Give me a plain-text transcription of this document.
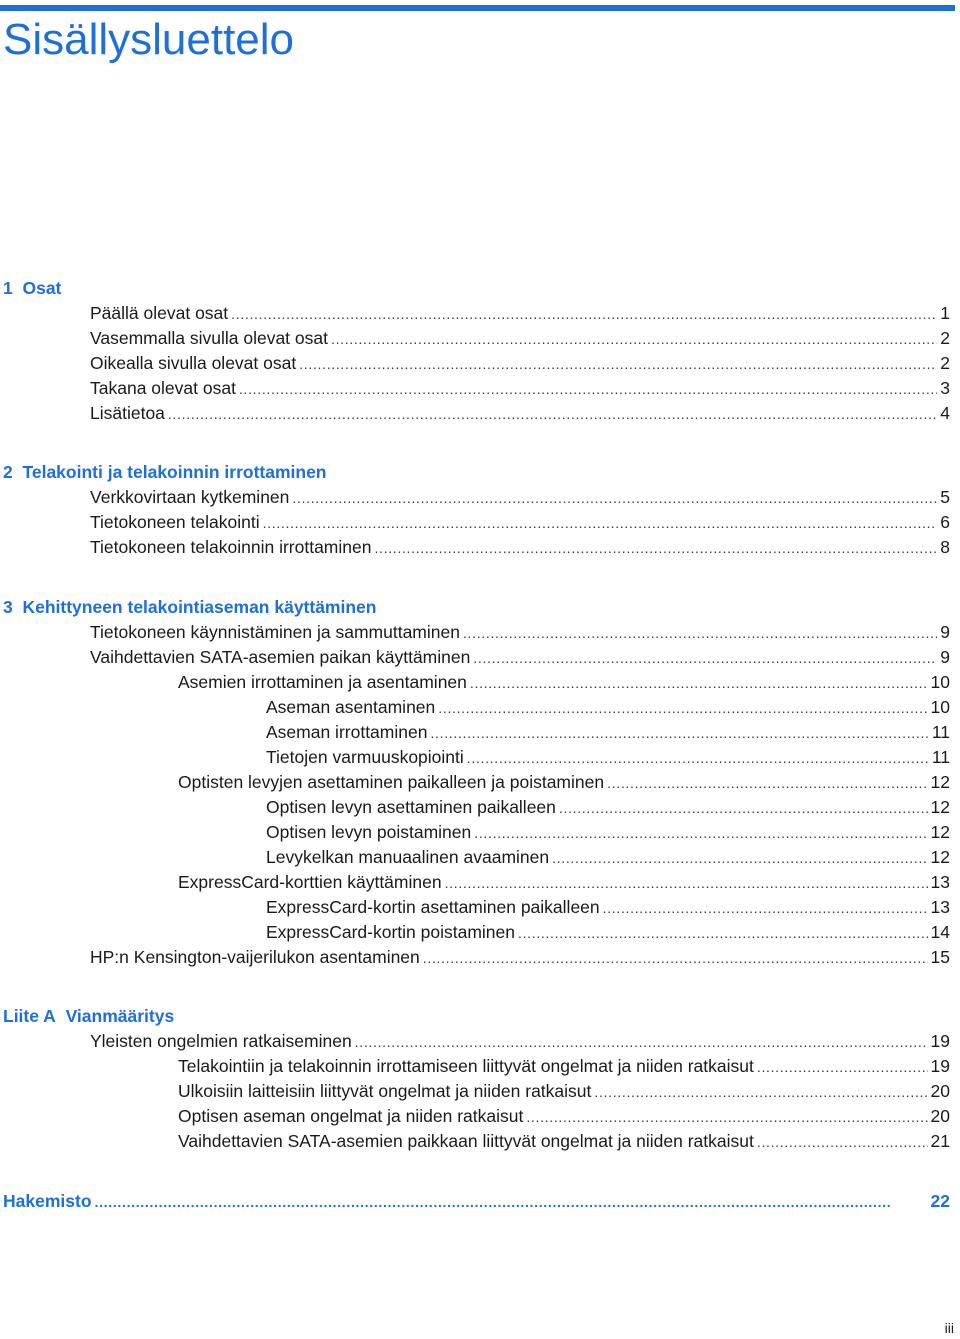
Sisällysluettelo
1 Osat
Päällä olevat osat . . .	1
Vasemmalla sivulla olevat osat . . .	2
Oikealla sivulla olevat osat . . .	2
Takana olevat osat . . .	3
Lisätietoa . . .	4
2 Telakointi ja telakoinnin irrottaminen
Verkkovirtaan kytkeminen . . .	5
Tietokoneen telakointi . . .	6
Tietokoneen telakoinnin irrottaminen . . .	8
3 Kehittyneen telakointiaseman käyttäminen
Tietokoneen käynnistäminen ja sammuttaminen . . .	9
Vaihdettavien SATA-asemien paikan käyttäminen . . .	9
Asemien irrottaminen ja asentaminen . . .	10
Aseman asentaminen . . .	10
Aseman irrottaminen . . .	11
Tietojen varmuuskopiointi . . .	11
Optisten levyjen asettaminen paikalleen ja poistaminen . . .	12
Optisen levyn asettaminen paikalleen . . .	12
Optisen levyn poistaminen . . .	12
Levykelkan manuaalinen avaaminen . . .	12
ExpressCard-korttien käyttäminen . . .	13
ExpressCard-kortin asettaminen paikalleen . . .	13
ExpressCard-kortin poistaminen . . .	14
HP:n Kensington-vaijerilukon asentaminen . . .	15
Liite A Vianmääritys
Yleisten ongelmien ratkaiseminen . . .	19
Telakointiin ja telakoinnin irrottamiseen liittyvät ongelmat ja niiden ratkaisut . . .	19
Ulkoisiin laitteisiin liittyvät ongelmat ja niiden ratkaisut . . .	20
Optisen aseman ongelmat ja niiden ratkaisut . . .	20
Vaihdettavien SATA-asemien paikkaan liittyvät ongelmat ja niiden ratkaisut . . .	21
Hakemisto . . .	22
iii
